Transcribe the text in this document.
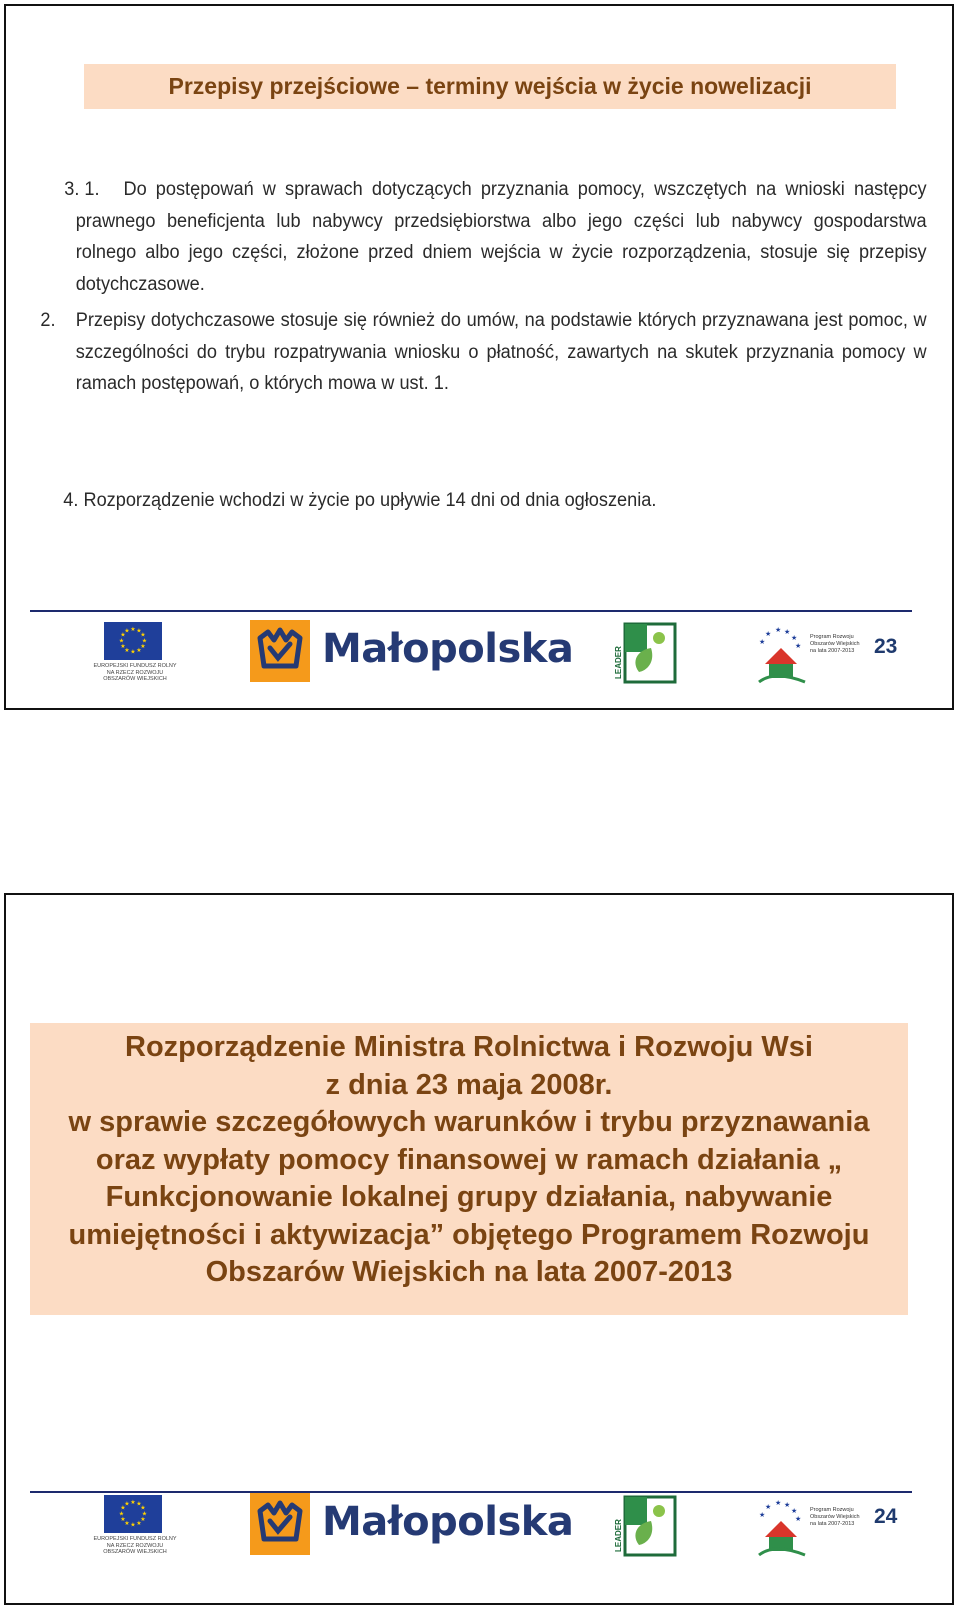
Przepisy przejściowe – terminy wejścia w życie nowelizacji
3. 1. Do postępowań w sprawach dotyczących przyznania pomocy, wszczętych na wnioski następcy prawnego beneficjenta lub nabywcy przedsiębiorstwa albo jego części lub nabywcy gospodarstwa rolnego albo jego części, złożone przed dniem wejścia w życie rozporządzenia, stosuje się przepisy dotychczasowe.
2. Przepisy dotychczasowe stosuje się również do umów, na podstawie których przyznawana jest pomoc, w szczególności do trybu rozpatrywania wniosku o płatność, zawartych na skutek przyznania pomocy w ramach postępowań, o których mowa w ust. 1.
4. Rozporządzenie wchodzi w życie po upływie 14 dni od dnia ogłoszenia.
★ ★
★
★
★
★
★
★
★
★
★
★
EUROPEJSKI FUNDUSZ ROLNY NA RZECZ ROZWOJU OBSZARÓW WIEJSKICH
Małopolska	LEADER
★ ★
★
★
★	★
Program Rozwoju Obszarów Wiejskich na lata 2007-2013 23
Rozporządzenie Ministra Rolnictwa i Rozwoju Wsi
z dnia 23 maja 2008r.
w sprawie szczegółowych warunków i trybu przyznawania
oraz wypłaty pomocy finansowej w ramach działania „
Funkcjonowanie lokalnej grupy działania, nabywanie
umiejętności i aktywizacja” objętego Programem Rozwoju
Obszarów Wiejskich na lata 2007-2013
★ ★
★
★
★
★
★
★
★
★
★
★
EUROPEJSKI FUNDUSZ ROLNY NA RZECZ ROZWOJU OBSZARÓW WIEJSKICH
Małopolska	LEADER
★ ★
★
★
★	★
Program Rozwoju Obszarów Wiejskich na lata 2007-2013 24
